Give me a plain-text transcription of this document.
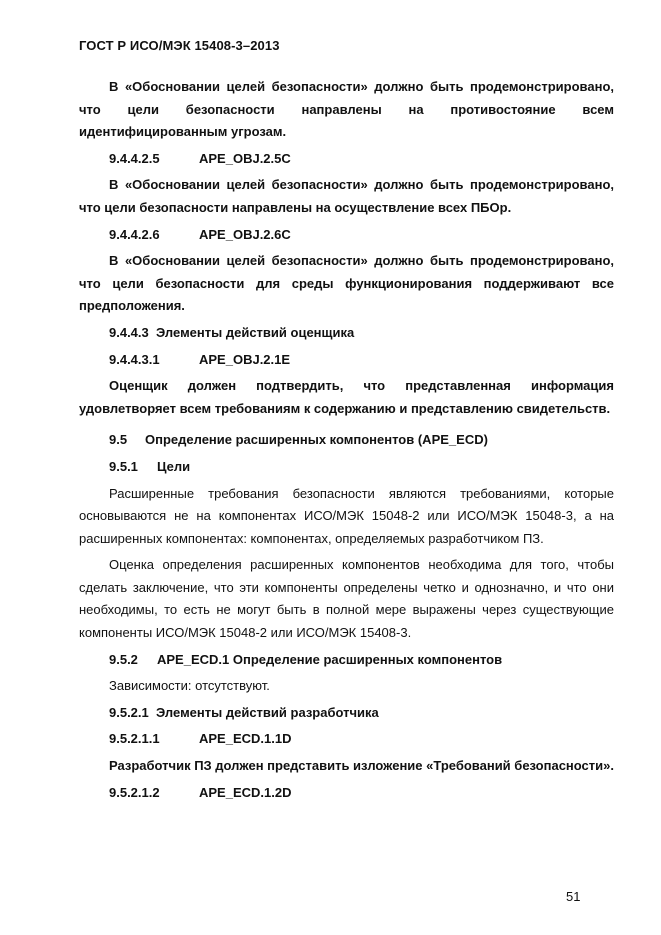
ГОСТ Р ИСО/МЭК 15408-3–2013

В «Обосновании целей безопасности» должно быть продемонстрировано, что цели безопасности направлены на противостояние всем идентифицированным угрозам.

9.4.4.2.5	APE_OBJ.2.5C

В «Обосновании целей безопасности» должно быть продемонстрировано, что цели безопасности направлены на осуществление всех ПБОр.

9.4.4.2.6	APE_OBJ.2.6C

В «Обосновании целей безопасности» должно быть продемонстрировано, что цели безопасности для среды функционирования поддерживают все предположения.

9.4.4.3 Элементы действий оценщика
9.4.4.3.1	APE_OBJ.2.1E

Оценщик должен подтвердить, что представленная информация удовлетворяет всем требованиям к содержанию и представлению свидетельств.

9.5 Определение расширенных компонентов (APE_ECD)
9.5.1 Цели

Расширенные требования безопасности являются требованиями, которые основываются не на компонентах ИСО/МЭК 15048-2 или ИСО/МЭК 15048-3, а на расширенных компонентах: компонентах, определяемых разработчиком ПЗ.

Оценка определения расширенных компонентов необходима для того, чтобы сделать заключение, что эти компоненты определены четко и однозначно, и что они необходимы, то есть не могут быть в полной мере выражены через существующие компоненты ИСО/МЭК 15048-2 или ИСО/МЭК 15408-3.

9.5.2 APE_ECD.1 Определение расширенных компонентов

Зависимости: отсутствуют.

9.5.2.1 Элементы действий разработчика
9.5.2.1.1	APE_ECD.1.1D

Разработчик ПЗ должен представить изложение «Требований безопасности».

9.5.2.1.2	APE_ECD.1.2D
51
